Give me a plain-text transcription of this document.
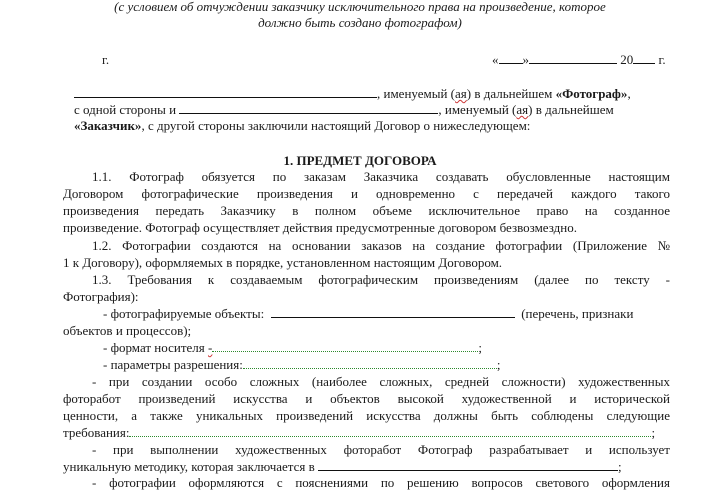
(с условием об отчуждении заказчику исключительного права на произведение, которое
должно быть создано фотографом)
г.	« »	20 г.
, именуемый (ая) в дальнейшем «Фотограф»,
с одной стороны и	, именуемый (ая) в дальнейшем
«Заказчик», с другой стороны заключили настоящий Договор о нижеследующем:
1. ПРЕДМЕТ ДОГОВОРА
1.1. Фотограф обязуется по заказам Заказчика создавать обусловленные настоящим
Договором фотографические произведения и одновременно с передачей каждого такого
произведения передать Заказчику в полном объеме исключительное право на созданное
произведение. Фотограф осуществляет действия предусмотренные договором безвозмездно.
1.2. Фотографии создаются на основании заказов на создание фотографии (Приложение №
1 к Договору), оформляемых в порядке, установленном настоящим Договором.
1.3. Требования к создаваемым фотографическим произведениям (далее по тексту -
Фотография):
- фотографируемые объекты:	(перечень, признаки
объектов и процессов);
- формат носителя -	;
- параметры разрешения:	;
- при создании особо сложных (наиболее сложных, средней сложности) художественных
фоторабот произведений искусства и объектов высокой художественной и исторической
ценности, а также уникальных произведений искусства должны быть соблюдены следующие
требования:	;
- при выполнении художественных фоторабот Фотограф разрабатывает и использует
уникальную методику, которая заключается в	;
- фотографии оформляются с пояснениями по решению вопросов светового оформления
